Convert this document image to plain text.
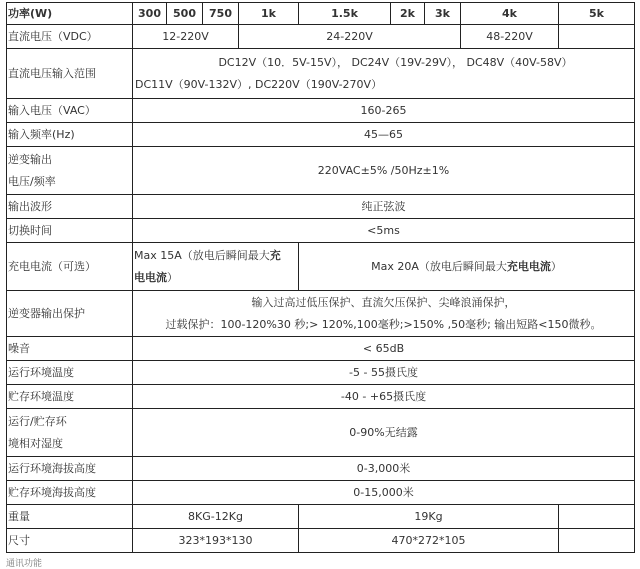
功率(W)	300	500	750	1k	1.5k	2k	3k	4k	5k
直流电压（VDC）	12-220V			24-220V				48-220V	
直流电压输入范围	DC12V（10．5V-15V）， DC24V（19V-29V）， DC48V（40V-58V）
DC11V（90V-132V）, DC220V（190V-270V）								

输入电压（VAC）	160-265								
输入频率(Hz)	45—65								

逆变输出
电压/频率	220VAC±5% /50Hz±1%								
输出波形	纯正弦波								
切换时间	<5ms								
充电电流（可选）	Max 15A（放电后瞬间最大充
电电流）				Max 20A（放电后瞬间最大充电电流）				
逆变器输出保护	输入过高过低压保护、直流欠压保护、尖峰浪涌保护，
过载保护：100-120%30 秒;> 120%,100毫秒;>150% ,50毫秒; 输出短路<150微秒。								

噪音	< 65dB								
运行环境温度	-5 - 55摄氏度								
贮存环境温度	-40 - +65摄氏度								

运行/贮存环
境相对湿度	0-90%无结露								
运行环境海拔高度	0-3,000米								
贮存环境海拔高度	0-15,000米								
重量	8KG-12Kg				19Kg				
尺寸	323*193*130				470*272*105				
通讯功能
